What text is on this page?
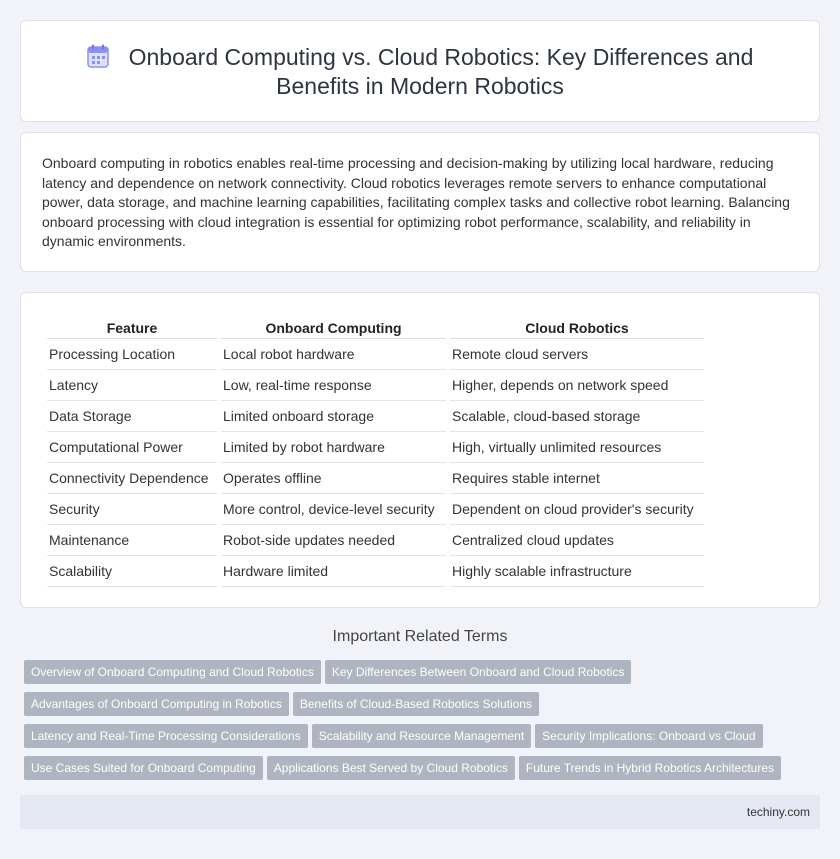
Onboard Computing vs. Cloud Robotics: Key Differences and Benefits in Modern Robotics

Onboard computing in robotics enables real-time processing and decision-making by utilizing local hardware, reducing latency and dependence on network connectivity. Cloud robotics leverages remote servers to enhance computational power, data storage, and machine learning capabilities, facilitating complex tasks and collective robot learning. Balancing onboard processing with cloud integration is essential for optimizing robot performance, scalability, and reliability in dynamic environments.

Feature	Onboard Computing	Cloud Robotics
Processing Location	Local robot hardware	Remote cloud servers
Latency	Low, real-time response	Higher, depends on network speed
Data Storage	Limited onboard storage	Scalable, cloud-based storage
Computational Power	Limited by robot hardware	High, virtually unlimited resources
Connectivity Dependence	Operates offline	Requires stable internet
Security	More control, device-level security	Dependent on cloud provider's security
Maintenance	Robot-side updates needed	Centralized cloud updates
Scalability	Hardware limited	Highly scalable infrastructure
Important Related Terms
Overview of Onboard Computing and Cloud Robotics Key Differences Between Onboard and Cloud Robotics
Advantages of Onboard Computing in Robotics Benefits of Cloud-Based Robotics Solutions
Latency and Real-Time Processing Considerations Scalability and Resource Management Security Implications: Onboard vs Cloud
Use Cases Suited for Onboard Computing Applications Best Served by Cloud Robotics Future Trends in Hybrid Robotics Architectures
techiny.com
